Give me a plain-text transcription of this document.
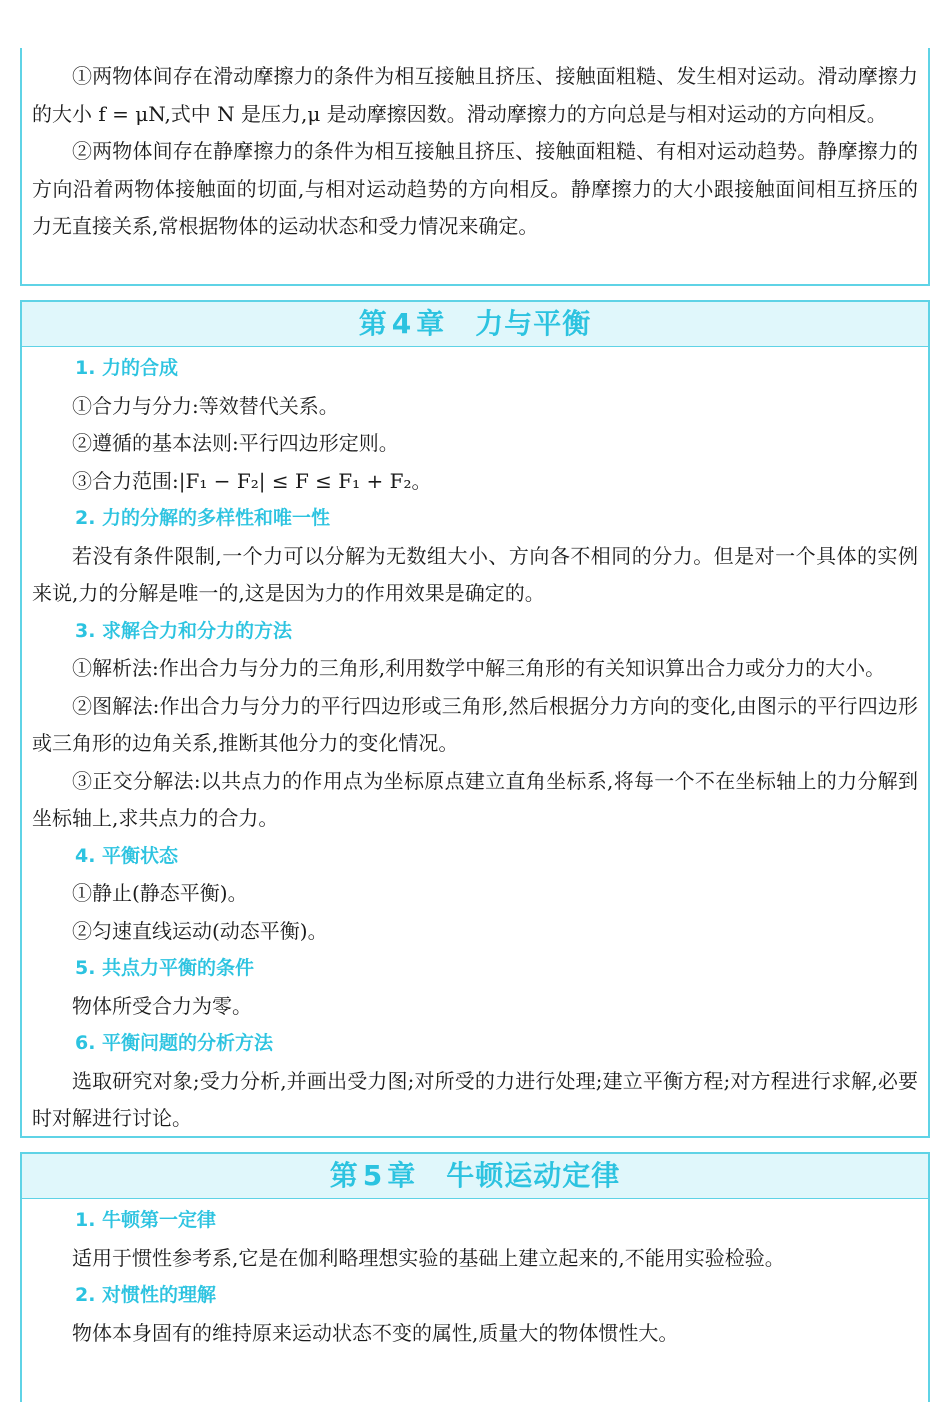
①两物体间存在滑动摩擦力的条件为相互接触且挤压、接触面粗糙、发生相对运动。滑动摩擦力的大小 f = μN,式中 N 是压力,μ 是动摩擦因数。滑动摩擦力的方向总是与相对运动的方向相反。

②两物体间存在静摩擦力的条件为相互接触且挤压、接触面粗糙、有相对运动趋势。静摩擦力的方向沿着两物体接触面的切面,与相对运动趋势的方向相反。静摩擦力的大小跟接触面间相互挤压的力无直接关系,常根据物体的运动状态和受力情况来确定。

第 4 章 力与平衡

1. 力的合成

①合力与分力:等效替代关系。

②遵循的基本法则:平行四边形定则。

③合力范围:|F₁ − F₂| ≤ F ≤ F₁ + F₂。

2. 力的分解的多样性和唯一性

若没有条件限制,一个力可以分解为无数组大小、方向各不相同的分力。但是对一个具体的实例来说,力的分解是唯一的,这是因为力的作用效果是确定的。

3. 求解合力和分力的方法

①解析法:作出合力与分力的三角形,利用数学中解三角形的有关知识算出合力或分力的大小。

②图解法:作出合力与分力的平行四边形或三角形,然后根据分力方向的变化,由图示的平行四边形或三角形的边角关系,推断其他分力的变化情况。

③正交分解法:以共点力的作用点为坐标原点建立直角坐标系,将每一个不在坐标轴上的力分解到坐标轴上,求共点力的合力。

4. 平衡状态

①静止(静态平衡)。

②匀速直线运动(动态平衡)。

5. 共点力平衡的条件

物体所受合力为零。

6. 平衡问题的分析方法

选取研究对象;受力分析,并画出受力图;对所受的力进行处理;建立平衡方程;对方程进行求解,必要时对解进行讨论。

第 5 章 牛顿运动定律

1. 牛顿第一定律

适用于惯性参考系,它是在伽利略理想实验的基础上建立起来的,不能用实验检验。

2. 对惯性的理解

物体本身固有的维持原来运动状态不变的属性,质量大的物体惯性大。
